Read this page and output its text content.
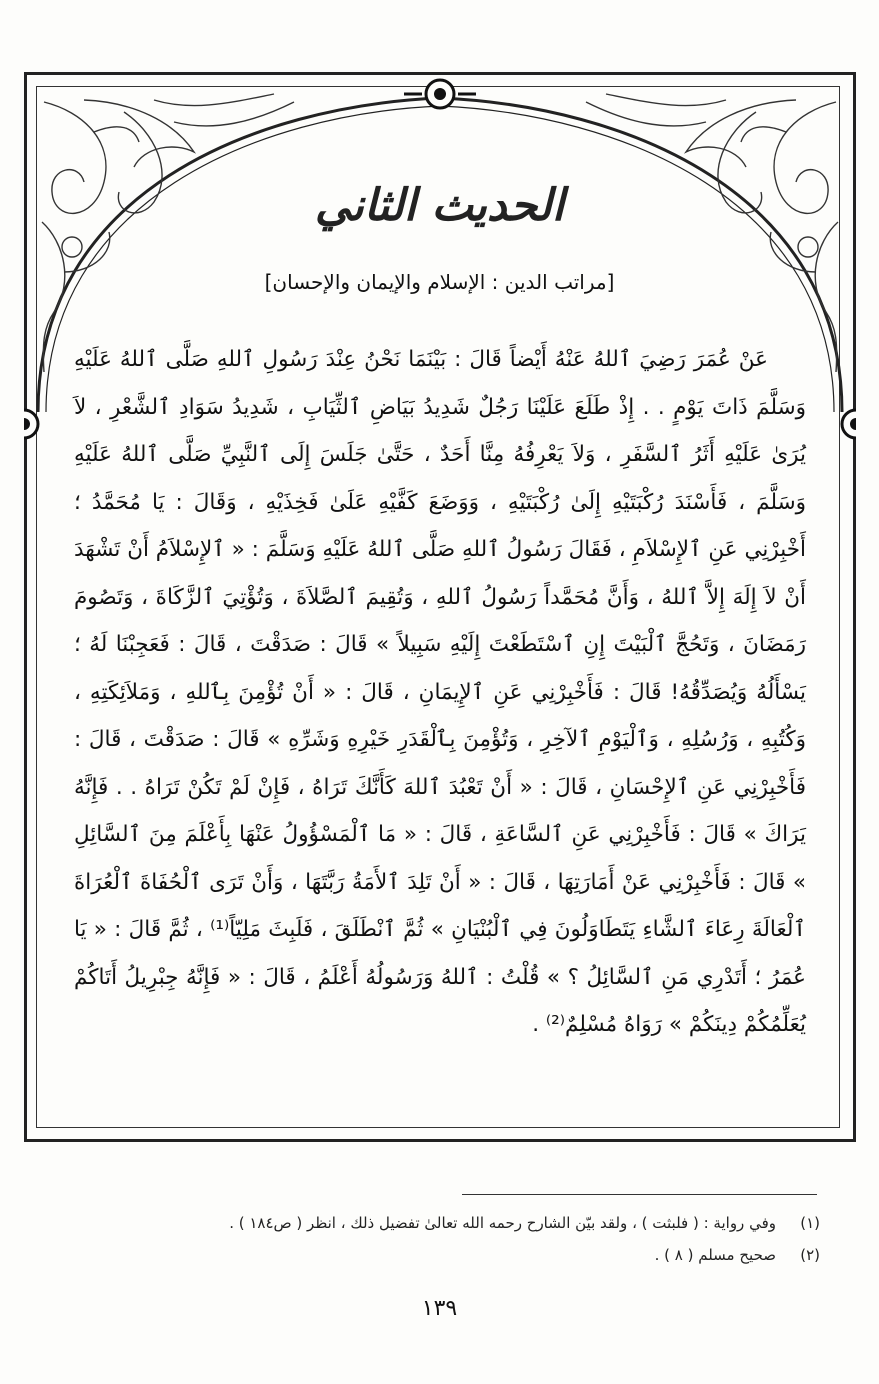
الحديث الثاني
[مراتب الدين : الإسلام والإيمان والإحسان]

عَنْ عُمَرَ رَضِيَ ٱللهُ عَنْهُ أَيْضاً قَالَ : بَيْنَمَا نَحْنُ عِنْدَ رَسُولِ ٱللهِ صَلَّى ٱللهُ عَلَيْهِ وَسَلَّمَ ذَاتَ يَوْمٍ . . إِذْ طَلَعَ عَلَيْنَا رَجُلٌ شَدِيدُ بَيَاضِ ٱلثِّيَابِ ، شَدِيدُ سَوَادِ ٱلشَّعْرِ ، لاَ يُرَىٰ عَلَيْهِ أَثَرُ ٱلسَّفَرِ ، وَلاَ يَعْرِفُهُ مِنَّا أَحَدٌ ، حَتَّىٰ جَلَسَ إِلَى ٱلنَّبِيِّ صَلَّى ٱللهُ عَلَيْهِ وَسَلَّمَ ، فَأَسْنَدَ رُكْبَتَيْهِ إِلَىٰ رُكْبَتَيْهِ ، وَوَضَعَ كَفَّيْهِ عَلَىٰ فَخِذَيْهِ ، وَقَالَ : يَا مُحَمَّدُ ؛ أَخْبِرْنِي عَنِ ٱلإِسْلاَمِ ، فَقَالَ رَسُولُ ٱللهِ صَلَّى ٱللهُ عَلَيْهِ وَسَلَّمَ : « ٱلإِسْلاَمُ أَنْ تَشْهَدَ أَنْ لاَ إِلَهَ إِلاَّ ٱللهُ ، وَأَنَّ مُحَمَّداً رَسُولُ ٱللهِ ، وَتُقِيمَ ٱلصَّلاَةَ ، وَتُؤْتِيَ ٱلزَّكَاةَ ، وَتَصُومَ رَمَضَانَ ، وَتَحُجَّ ٱلْبَيْتَ إِنِ ٱسْتَطَعْتَ إِلَيْهِ سَبِيلاً » قَالَ : صَدَقْتَ ، قَالَ : فَعَجِبْنَا لَهُ ؛ يَسْأَلُهُ وَيُصَدِّقُهُ! قَالَ : فَأَخْبِرْنِي عَنِ ٱلإِيمَانِ ، قَالَ : « أَنْ تُؤْمِنَ بِٱللهِ ، وَمَلاَئِكَتِهِ ، وَكُتُبِهِ ، وَرُسُلِهِ ، وَٱلْيَوْمِ ٱلآخِرِ ، وَتُؤْمِنَ بِٱلْقَدَرِ خَيْرِهِ وَشَرِّهِ » قَالَ : صَدَقْتَ ، قَالَ : فَأَخْبِرْنِي عَنِ ٱلإِحْسَانِ ، قَالَ : « أَنْ تَعْبُدَ ٱللهَ كَأَنَّكَ تَرَاهُ ، فَإِنْ لَمْ تَكُنْ تَرَاهُ . . فَإِنَّهُ يَرَاكَ » قَالَ : فَأَخْبِرْنِي عَنِ ٱلسَّاعَةِ ، قَالَ : « مَا ٱلْمَسْؤُولُ عَنْهَا بِأَعْلَمَ مِنَ ٱلسَّائِلِ » قَالَ : فَأَخْبِرْنِي عَنْ أَمَارَتِهَا ، قَالَ : « أَنْ تَلِدَ ٱلأَمَةُ رَبَّتَهَا ، وَأَنْ تَرَى ٱلْحُفَاةَ ٱلْعُرَاةَ ٱلْعَالَةَ رِعَاءَ ٱلشَّاءِ يَتَطَاوَلُونَ فِي ٱلْبُنْيَانِ » ثُمَّ ٱنْطَلَقَ ، فَلَبِثَ مَلِيّاً⁽¹⁾ ، ثُمَّ قَالَ : « يَا عُمَرُ ؛ أَتَدْرِي مَنِ ٱلسَّائِلُ ؟ » قُلْتُ : ٱللهُ وَرَسُولُهُ أَعْلَمُ ، قَالَ : « فَإِنَّهُ جِبْرِيلُ أَتَاكُمْ يُعَلِّمُكُمْ دِينَكُمْ » رَوَاهُ مُسْلِمٌ⁽²⁾ .

(١)وفي رواية : ( فلبثت ) ، ولقد بيّن الشارح رحمه الله تعالىٰ تفضيل ذلك ، انظر ( ص١٨٤ ) .
(٢)صحيح مسلم ( ٨ ) .
١٣٩
